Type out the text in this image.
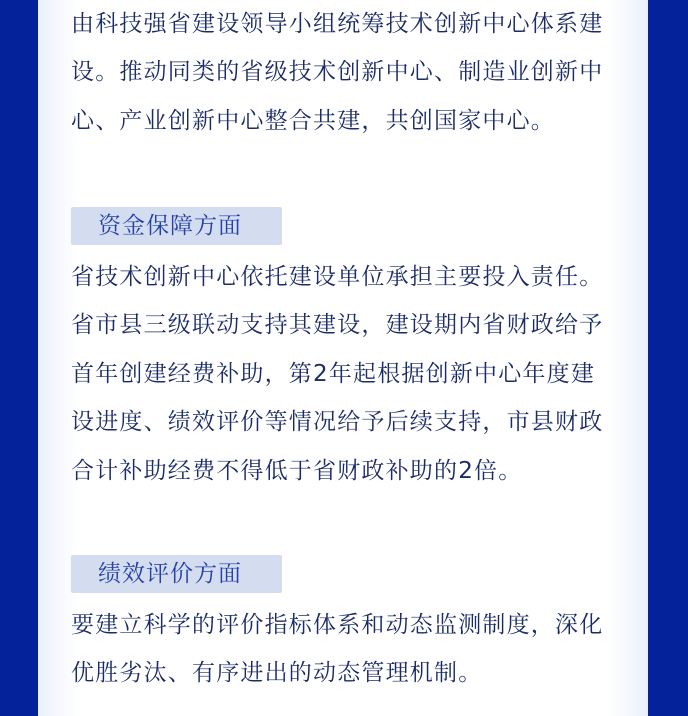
由科技强省建设领导小组统筹技术创新中心体系建设。推动同类的省级技术创新中心、制造业创新中心、产业创新中心整合共建，共创国家中心。

资金保障方面

省技术创新中心依托建设单位承担主要投入责任。省市县三级联动支持其建设，建设期内省财政给予首年创建经费补助，第2年起根据创新中心年度建设进度、绩效评价等情况给予后续支持，市县财政合计补助经费不得低于省财政补助的2倍。

绩效评价方面

要建立科学的评价指标体系和动态监测制度，深化优胜劣汰、有序进出的动态管理机制。
